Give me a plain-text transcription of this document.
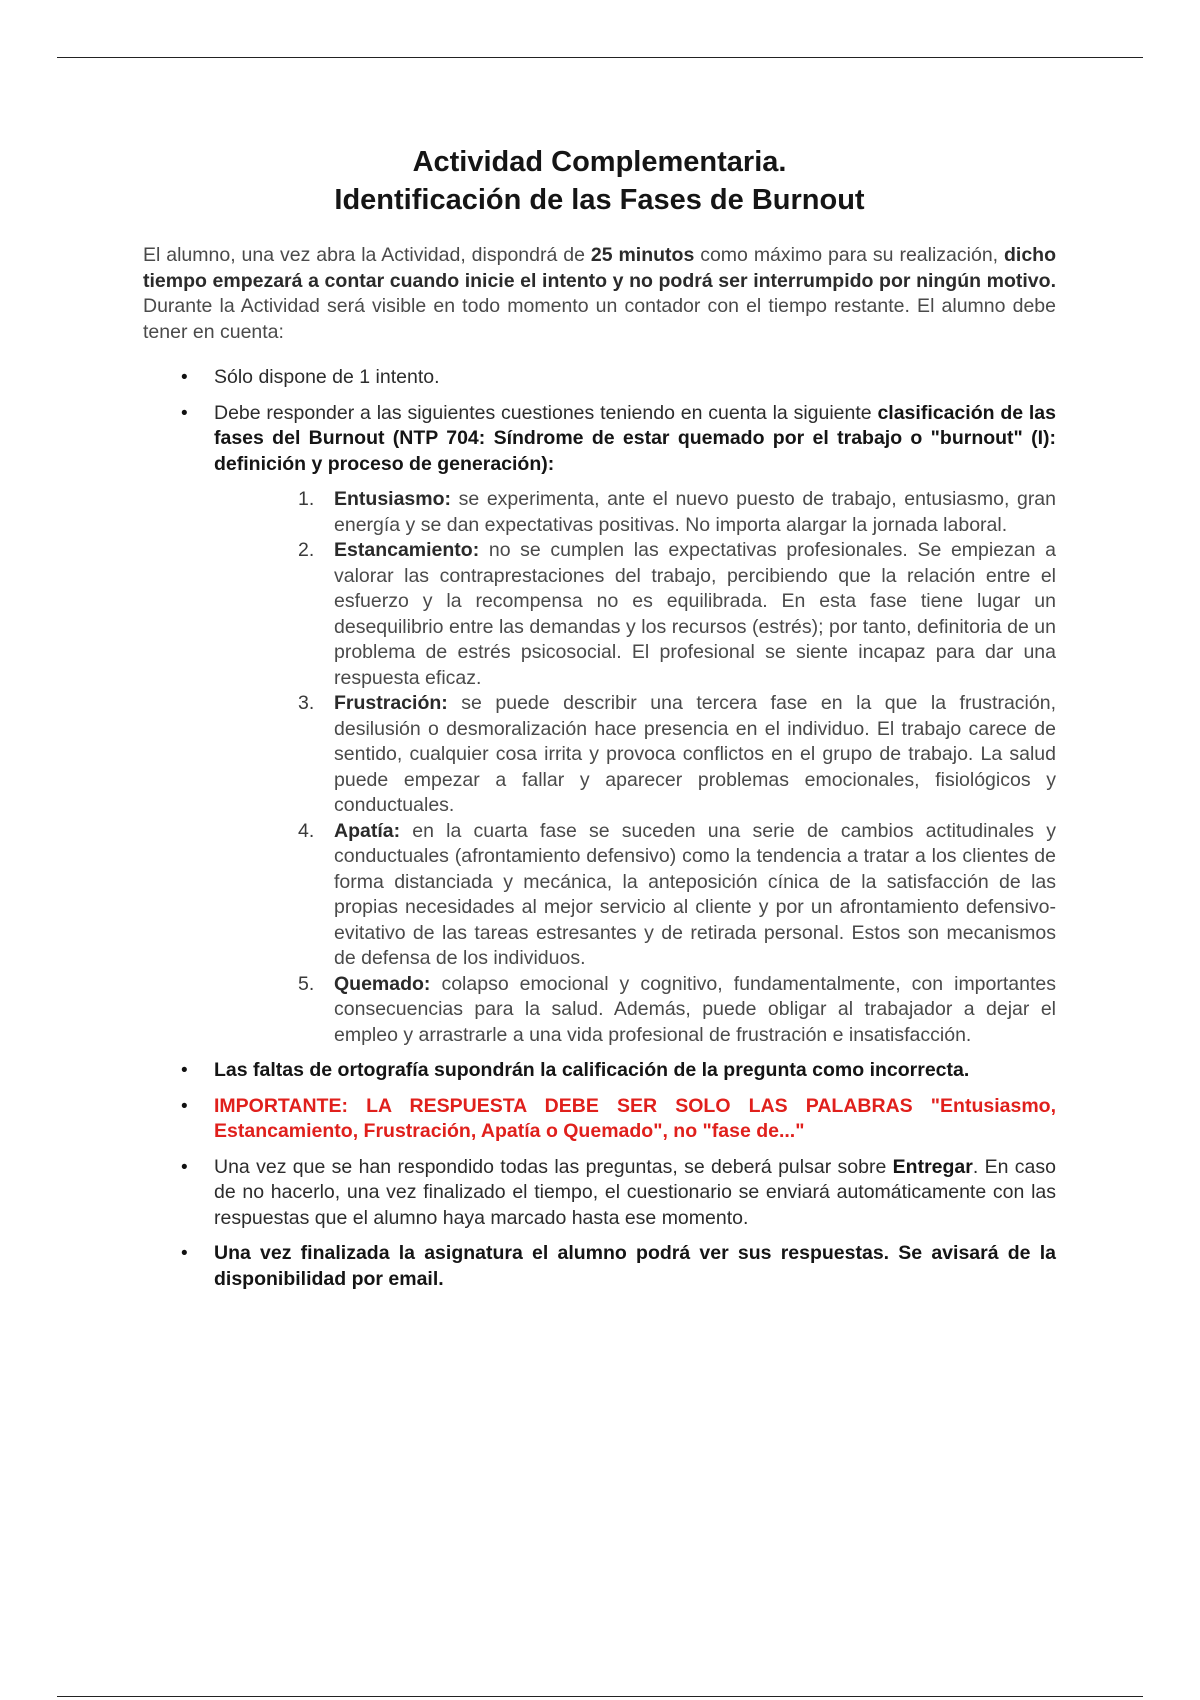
Actividad Complementaria.
Identificación de las Fases de Burnout

El alumno, una vez abra la Actividad, dispondrá de 25 minutos como máximo para su realización, dicho tiempo empezará a contar cuando inicie el intento y no podrá ser interrumpido por ningún motivo. Durante la Actividad será visible en todo momento un contador con el tiempo restante. El alumno debe tener en cuenta:

• Sólo dispone de 1 intento.
• Debe responder a las siguientes cuestiones teniendo en cuenta la siguiente clasificación de las fases del Burnout (NTP 704: Síndrome de estar quemado por el trabajo o "burnout" (I): definición y proceso de generación):
1. Entusiasmo: se experimenta, ante el nuevo puesto de trabajo, entusiasmo, gran energía y se dan expectativas positivas. No importa alargar la jornada laboral.
2. Estancamiento: no se cumplen las expectativas profesionales. Se empiezan a valorar las contraprestaciones del trabajo, percibiendo que la relación entre el esfuerzo y la recompensa no es equilibrada. En esta fase tiene lugar un desequilibrio entre las demandas y los recursos (estrés); por tanto, definitoria de un problema de estrés psicosocial. El profesional se siente incapaz para dar una respuesta eficaz.
3. Frustración: se puede describir una tercera fase en la que la frustración, desilusión o desmoralización hace presencia en el individuo. El trabajo carece de sentido, cualquier cosa irrita y provoca conflictos en el grupo de trabajo. La salud puede empezar a fallar y aparecer problemas emocionales, fisiológicos y conductuales.
4. Apatía: en la cuarta fase se suceden una serie de cambios actitudinales y conductuales (afrontamiento defensivo) como la tendencia a tratar a los clientes de forma distanciada y mecánica, la anteposición cínica de la satisfacción de las propias necesidades al mejor servicio al cliente y por un afrontamiento defensivo-evitativo de las tareas estresantes y de retirada personal. Estos son mecanismos de defensa de los individuos.
5. Quemado: colapso emocional y cognitivo, fundamentalmente, con importantes consecuencias para la salud. Además, puede obligar al trabajador a dejar el empleo y arrastrarle a una vida profesional de frustración e insatisfacción.
• Las faltas de ortografía supondrán la calificación de la pregunta como incorrecta.
• IMPORTANTE: LA RESPUESTA DEBE SER SOLO LAS PALABRAS "Entusiasmo, Estancamiento, Frustración, Apatía o Quemado", no "fase de..."
• Una vez que se han respondido todas las preguntas, se deberá pulsar sobre Entregar. En caso de no hacerlo, una vez finalizado el tiempo, el cuestionario se enviará automáticamente con las respuestas que el alumno haya marcado hasta ese momento.
• Una vez finalizada la asignatura el alumno podrá ver sus respuestas. Se avisará de la disponibilidad por email.
